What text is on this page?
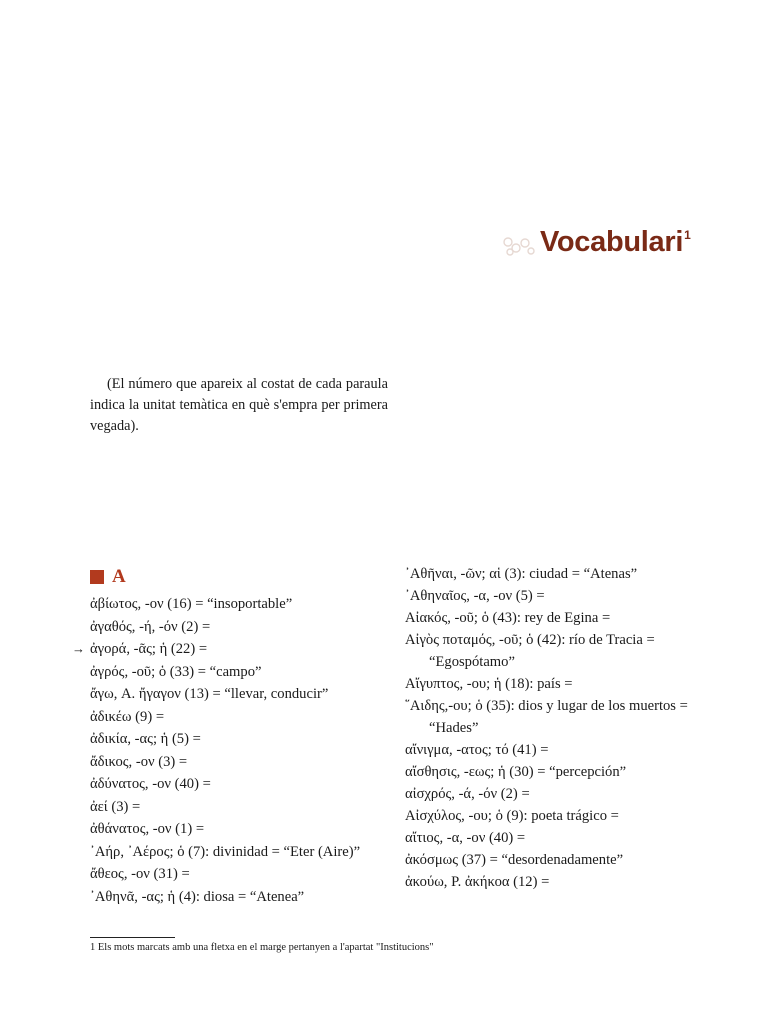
Vocabulari 1

(El número que apareix al costat de cada paraula indica la unitat temàtica en què s'empra per primera vegada).

A
ἀβίωτος, -ον (16) = “insoportable”
ἀγαθός, -ή, -όν (2) =
→ ἀγορά, -ᾶς; ἡ (22) =
ἀγρός, -οῦ; ὁ (33) = “campo”
ἄγω, A. ἤγαγον (13) = “llevar, conducir”
ἀδικέω (9) =
ἀδικία, -ας; ἡ (5) =
ἄδικος, -ον (3) =
ἀδύνατος, -ον (40) =
ἀεί (3) =
ἀθάνατος, -ον (1) =
᾿Αήρ, ᾿Αέρος; ὁ (7): divinidad = “Eter (Aire)”
ἄθεος, -ον (31) =
᾿Αθηνᾶ, -ας; ἡ (4): diosa = “Atenea”
᾿Αθῆναι, -ῶν; αἱ (3): ciudad = “Atenas”
᾿Αθηναῖος, -α, -ον (5) =
Αἰακός, -οῦ; ὁ (43): rey de Egina =
Αἰγὸς ποταμός, -οῦ; ὁ (42): río de Tracia = “Egospótamo”
Αἴγυπτος, -ου; ἡ (18): país =
῞Αιδης,-ου; ὁ (35): dios y lugar de los muertos = “Hades”
αἴνιγμα, -ατος; τό (41) =
αἴσθησις, -εως; ἡ (30) = “percepción”
αἰσχρός, -ά, -όν (2) =
Αἰσχύλος, -ου; ὁ (9): poeta trágico =
αἴτιος, -α, -ον (40) =
ἀκόσμως (37) = “desordenadamente”
ἀκούω, P. ἀκήκοα (12) =
1 Els mots marcats amb una fletxa en el marge pertanyen a l'apartat "Institucions"
